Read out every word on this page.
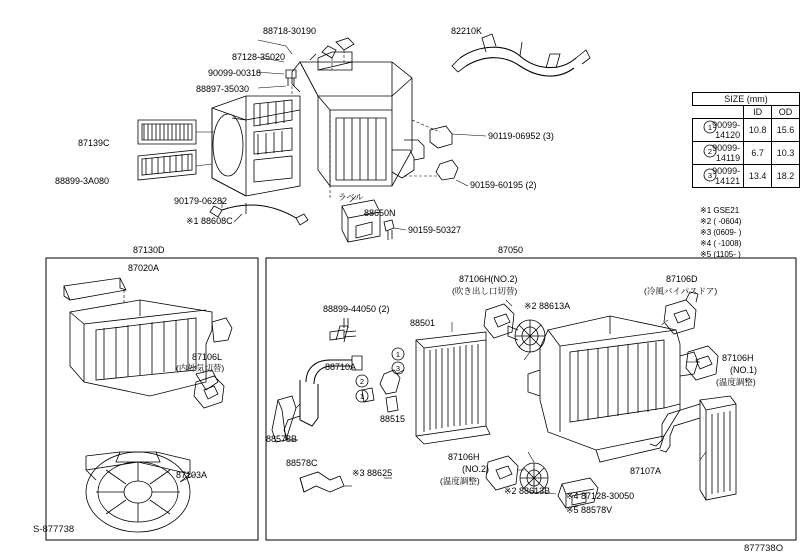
1
2
3
1
3
2
1
88718-30190
87128-35020
90099-00318
88897-35030
82210K
87139C
88899-3A080
90119-06952 (3)
90159-60195 (2)
90179-06282
※1 88608C
88650N
90159-50327
ラベル
87130D
87020A
87106L
(内外気切替)
87103A
87050
87106H(NO.2)
(吹き出し口切替)
87106D
(冷風バイパスドア)
88899-44050 (2)
88501
88710A
※2 88613A
87106H
(NO.1)
(温度調整)
88515
88578B
88578C
※3 88625
87106H
(NO.2)
(温度調整)
※2 88613B
87107A
※4 87128-30050
※5 88578V
SIZE (mm)		
	ID	OD
90099-14120	10.8	15.6
90099-14119	6.7	10.3
90099-14121	13.4	18.2
※1 GSE21
※2 ( -0604)
※3 (0609- )
※4 ( -1008)
※5 (1105- )
S-877738
877738O
